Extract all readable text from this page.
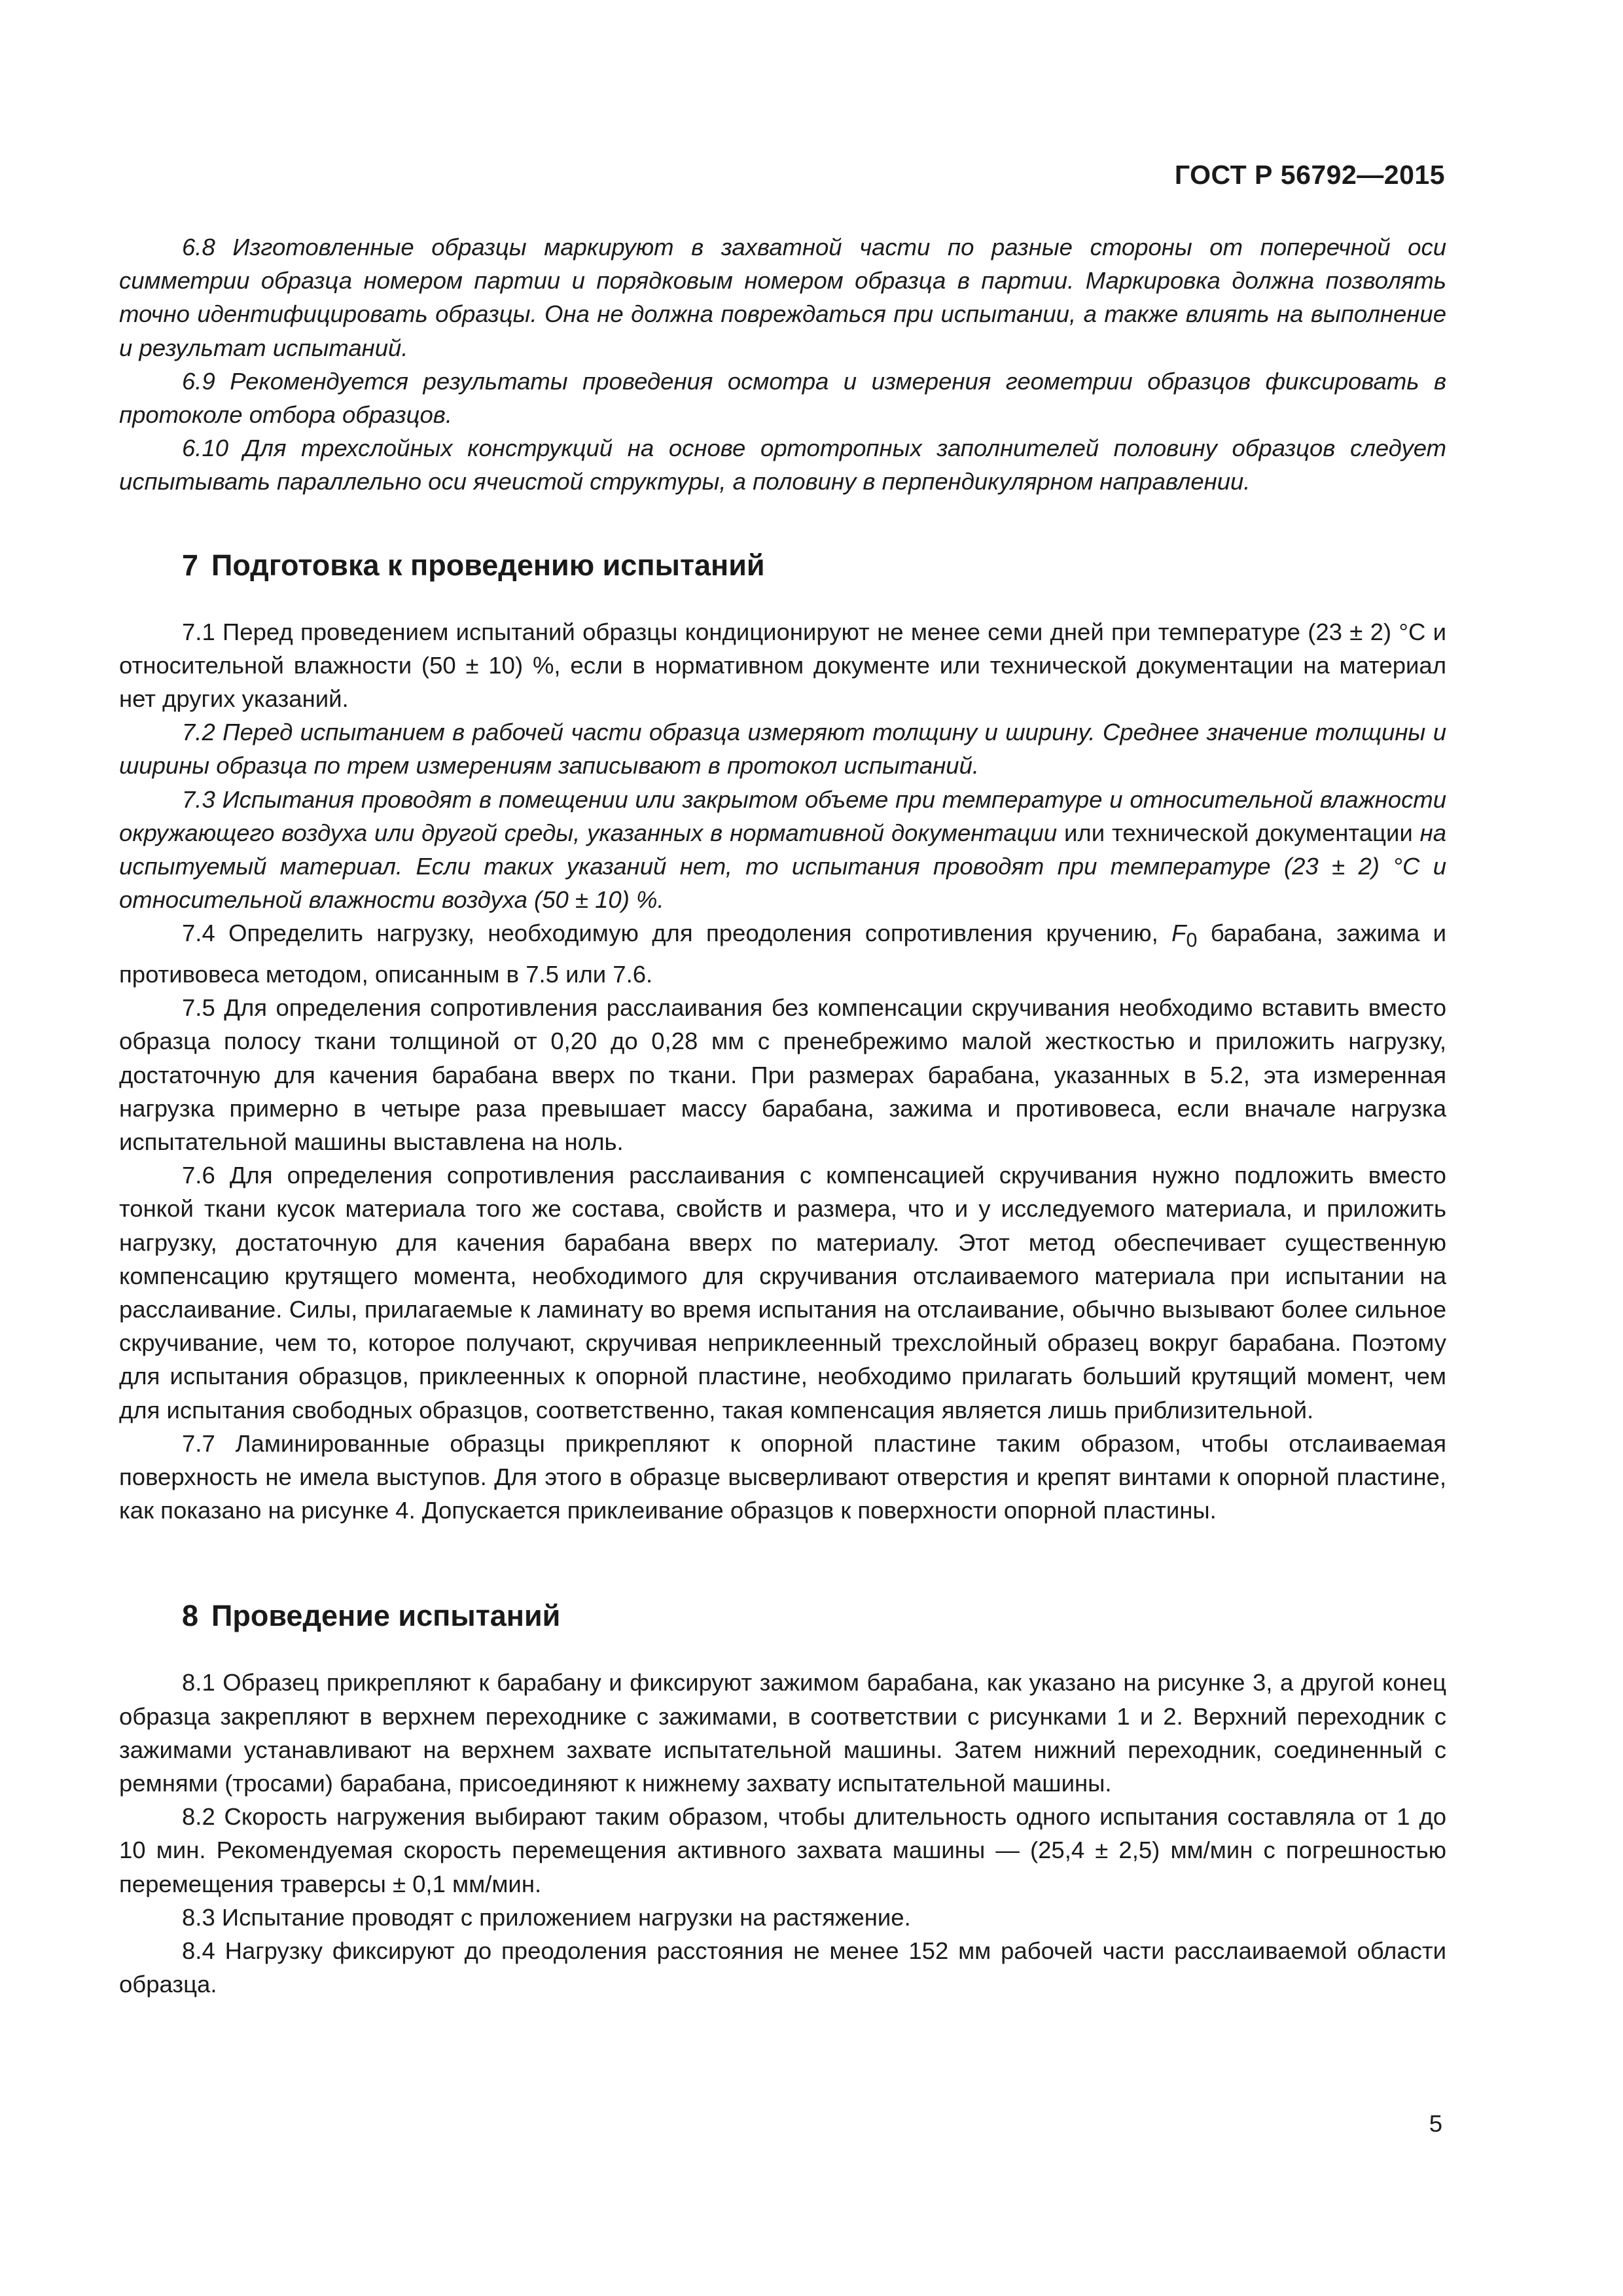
ГОСТ Р 56792—2015

6.8 Изготовленные образцы маркируют в захватной части по разные стороны от поперечной оси симметрии образца номером партии и порядковым номером образца в партии. Маркировка должна позволять точно идентифицировать образцы. Она не должна повреждаться при испытании, а также влиять на выполнение и результат испытаний.

6.9 Рекомендуется результаты проведения осмотра и измерения геометрии образцов фиксировать в протоколе отбора образцов.

6.10 Для трехслойных конструкций на основе ортотропных заполнителей половину образцов следует испытывать параллельно оси ячеистой структуры, а половину в перпендикулярном направлении.

7 Подготовка к проведению испытаний

7.1 Перед проведением испытаний образцы кондиционируют не менее семи дней при температуре (23 ± 2) °С и относительной влажности (50 ± 10) %, если в нормативном документе или технической документации на материал нет других указаний.

7.2 Перед испытанием в рабочей части образца измеряют толщину и ширину. Среднее значение толщины и ширины образца по трем измерениям записывают в протокол испытаний.

7.3 Испытания проводят в помещении или закрытом объеме при температуре и относительной влажности окружающего воздуха или другой среды, указанных в нормативной документации или технической документации на испытуемый материал. Если таких указаний нет, то испытания проводят при температуре (23 ± 2) °С и относительной влажности воздуха (50 ± 10) %.

7.4 Определить нагрузку, необходимую для преодоления сопротивления кручению, $F_0$ барабана, зажима и противовеса методом, описанным в 7.5 или 7.6.

7.5 Для определения сопротивления расслаивания без компенсации скручивания необходимо вставить вместо образца полосу ткани толщиной от 0,20 до 0,28 мм с пренебрежимо малой жесткостью и приложить нагрузку, достаточную для качения барабана вверх по ткани. При размерах барабана, указанных в 5.2, эта измеренная нагрузка примерно в четыре раза превышает массу барабана, зажима и противовеса, если вначале нагрузка испытательной машины выставлена на ноль.

7.6 Для определения сопротивления расслаивания с компенсацией скручивания нужно подложить вместо тонкой ткани кусок материала того же состава, свойств и размера, что и у исследуемого материала, и приложить нагрузку, достаточную для качения барабана вверх по материалу. Этот метод обеспечивает существенную компенсацию крутящего момента, необходимого для скручивания отслаиваемого материала при испытании на расслаивание. Силы, прилагаемые к ламинату во время испытания на отслаивание, обычно вызывают более сильное скручивание, чем то, которое получают, скручивая неприклеенный трехслойный образец вокруг барабана. Поэтому для испытания образцов, приклеенных к опорной пластине, необходимо прилагать больший крутящий момент, чем для испытания свободных образцов, соответственно, такая компенсация является лишь приблизительной.

7.7 Ламинированные образцы прикрепляют к опорной пластине таким образом, чтобы отслаиваемая поверхность не имела выступов. Для этого в образце высверливают отверстия и крепят винтами к опорной пластине, как показано на рисунке 4. Допускается приклеивание образцов к поверхности опорной пластины.

8 Проведение испытаний

8.1 Образец прикрепляют к барабану и фиксируют зажимом барабана, как указано на рисунке 3, а другой конец образца закрепляют в верхнем переходнике с зажимами, в соответствии с рисунками 1 и 2. Верхний переходник с зажимами устанавливают на верхнем захвате испытательной машины. Затем нижний переходник, соединенный с ремнями (тросами) барабана, присоединяют к нижнему захвату испытательной машины.

8.2 Скорость нагружения выбирают таким образом, чтобы длительность одного испытания составляла от 1 до 10 мин. Рекомендуемая скорость перемещения активного захвата машины — (25,4 ± 2,5) мм/мин с погрешностью перемещения траверсы ± 0,1 мм/мин.

8.3 Испытание проводят с приложением нагрузки на растяжение.

8.4 Нагрузку фиксируют до преодоления расстояния не менее 152 мм рабочей части расслаиваемой области образца.

5
